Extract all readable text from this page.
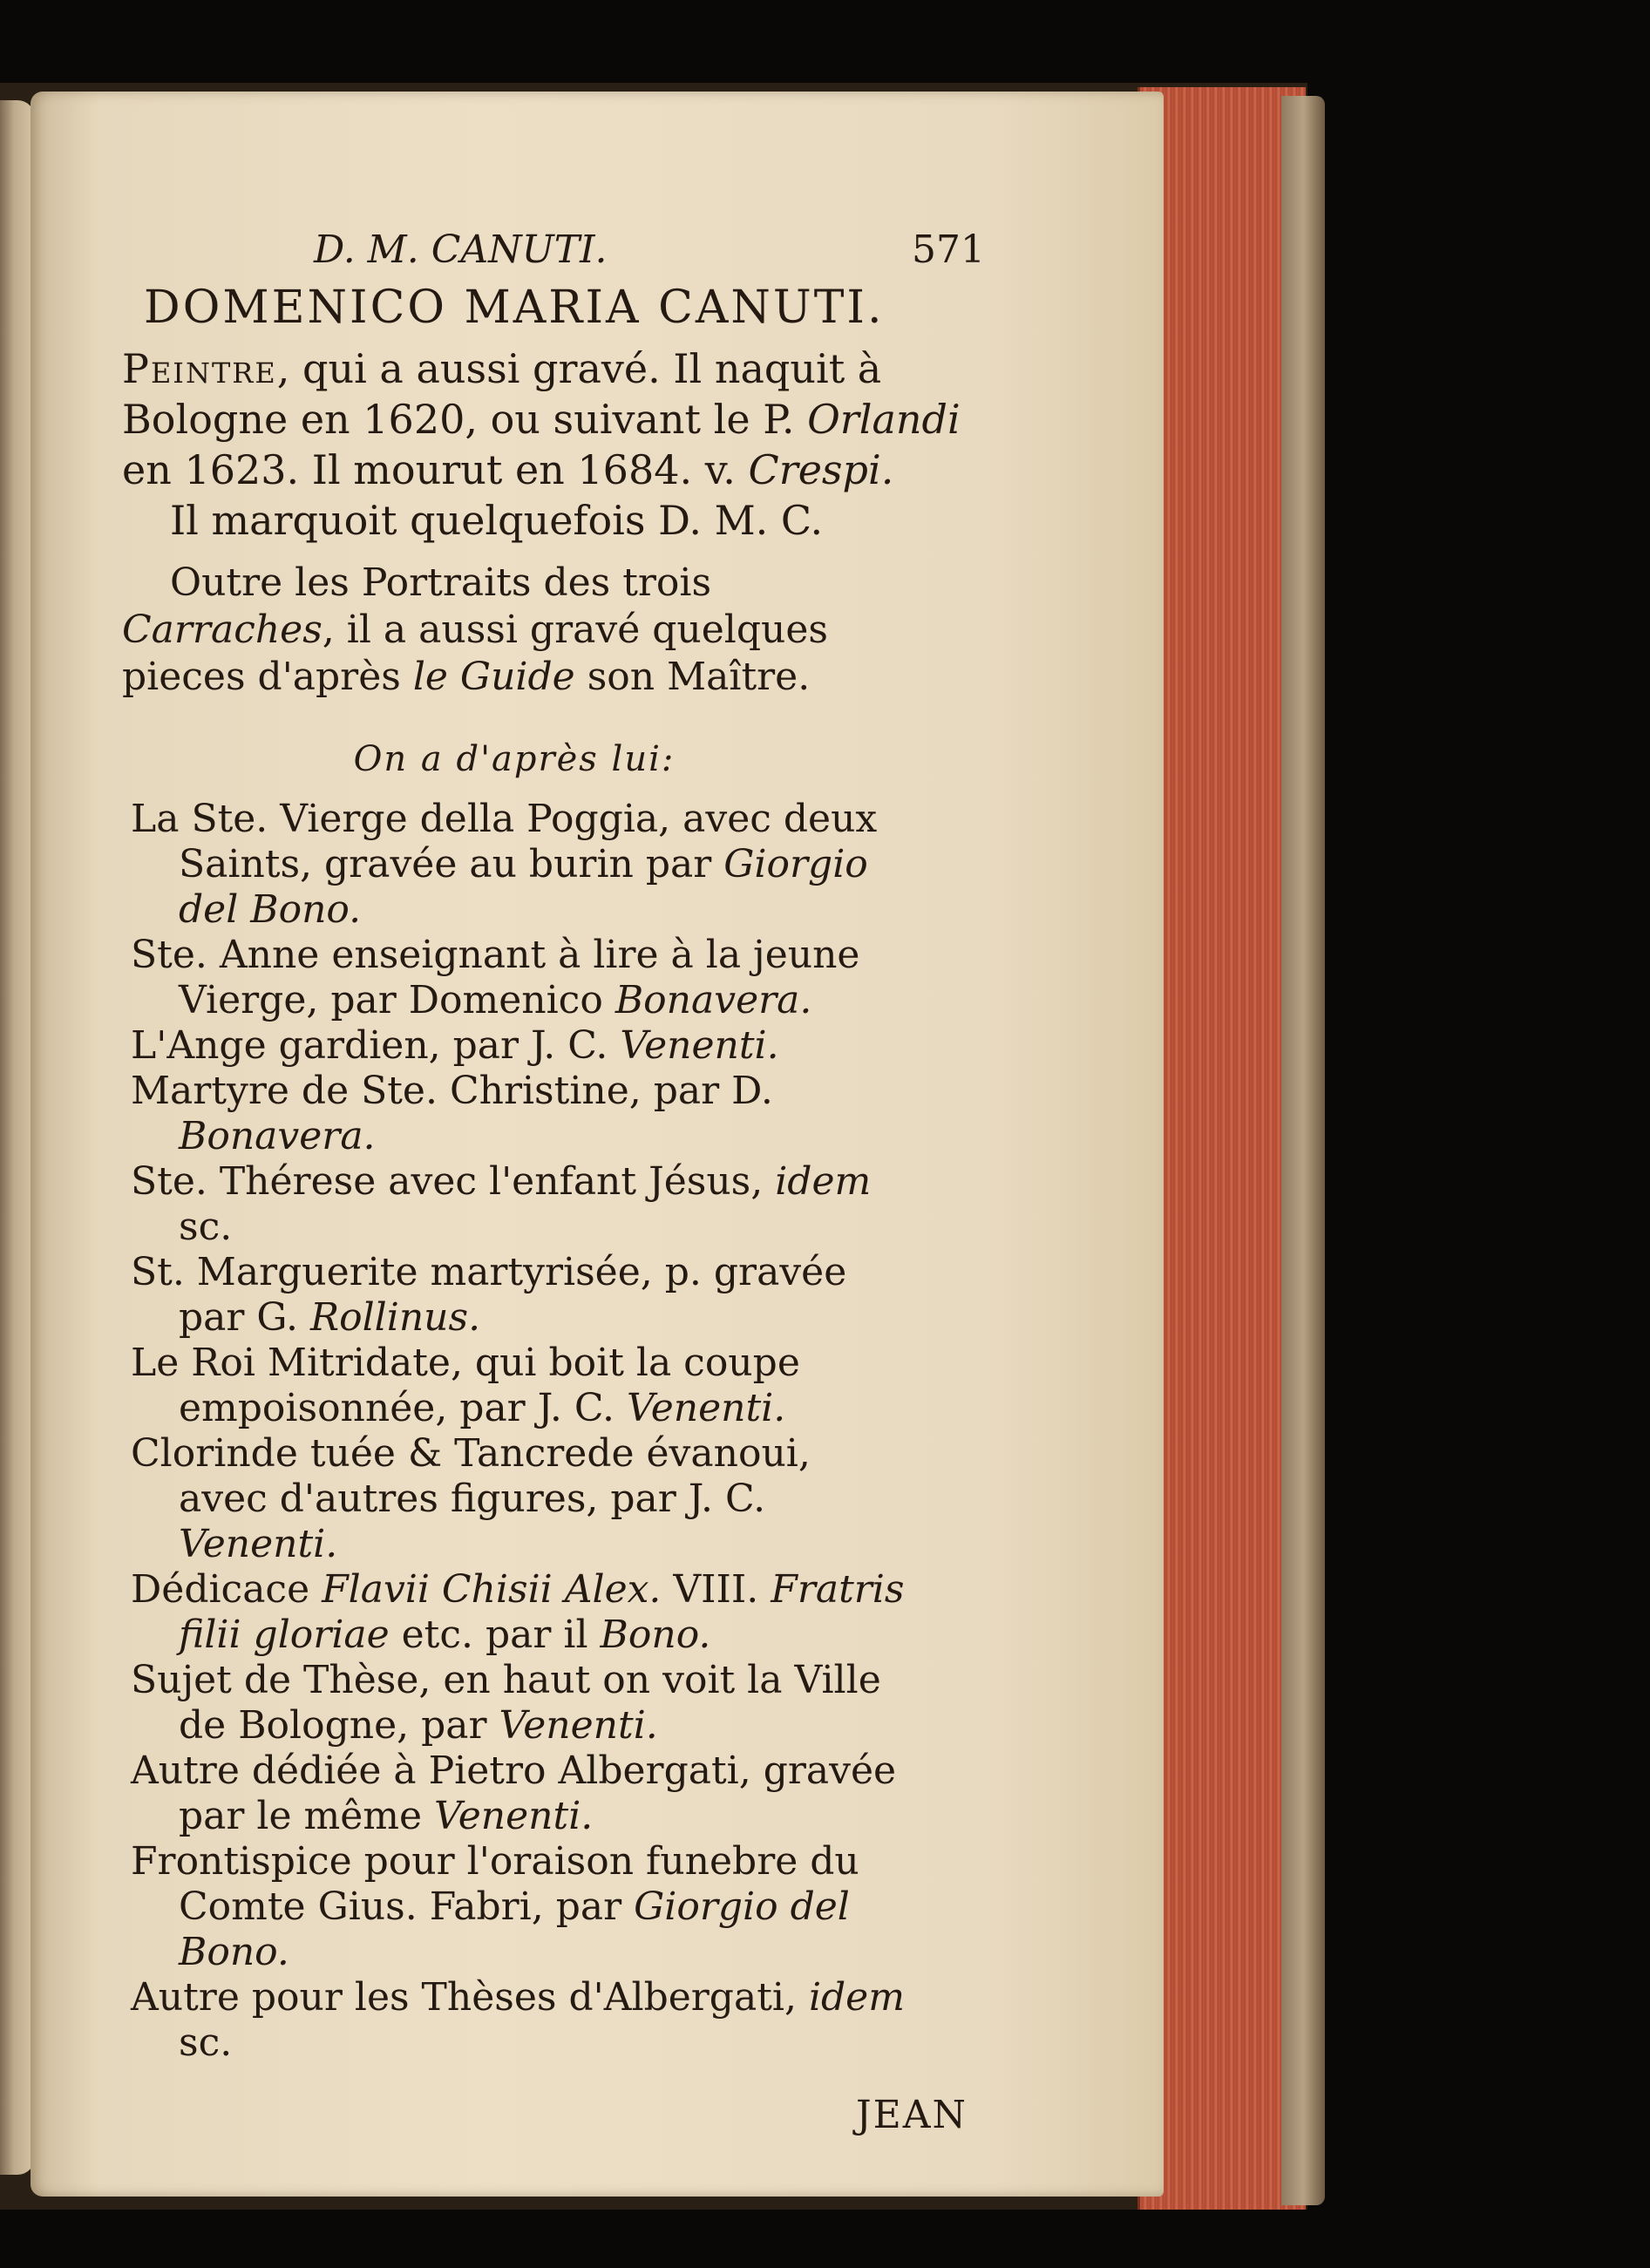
D. M. CANUTI.	571
DOMENICO MARIA CANUTI.
Peintre, qui a aussi gravé. Il naquit à
Bologne en 1620, ou suivant le P. Orlandi
en 1623. Il mourut en 1684. v. Crespi.
Il marquoit quelquefois D. M. C.

Outre les Portraits des trois Carraches, il a aussi gravé quelques pieces d'après le Guide son Maître.

On a d'après lui:
La Ste. Vierge della Poggia, avec deux Saints, gravée au burin par Giorgio del Bono.
Ste. Anne enseignant à lire à la jeune Vierge, par Domenico Bonavera.
L'Ange gardien, par J. C. Venenti.
Martyre de Ste. Christine, par D. Bonavera.
Ste. Thérese avec l'enfant Jésus, idem sc.
St. Marguerite martyrisée, p. gravée par G. Rollinus.
Le Roi Mitridate, qui boit la coupe empoisonnée, par J. C. Venenti.
Clorinde tuée & Tancrede évanoui, avec d'autres figures, par J. C. Venenti.
Dédicace Flavii Chisii Alex. VIII. Fratris filii gloriae etc. par il Bono.
Sujet de Thèse, en haut on voit la Ville de Bologne, par Venenti.
Autre dédiée à Pietro Albergati, gravée par le même Venenti.
Frontispice pour l'oraison funebre du Comte Gius. Fabri, par Giorgio del Bono.
Autre pour les Thèses d'Albergati, idem sc.
JEAN
